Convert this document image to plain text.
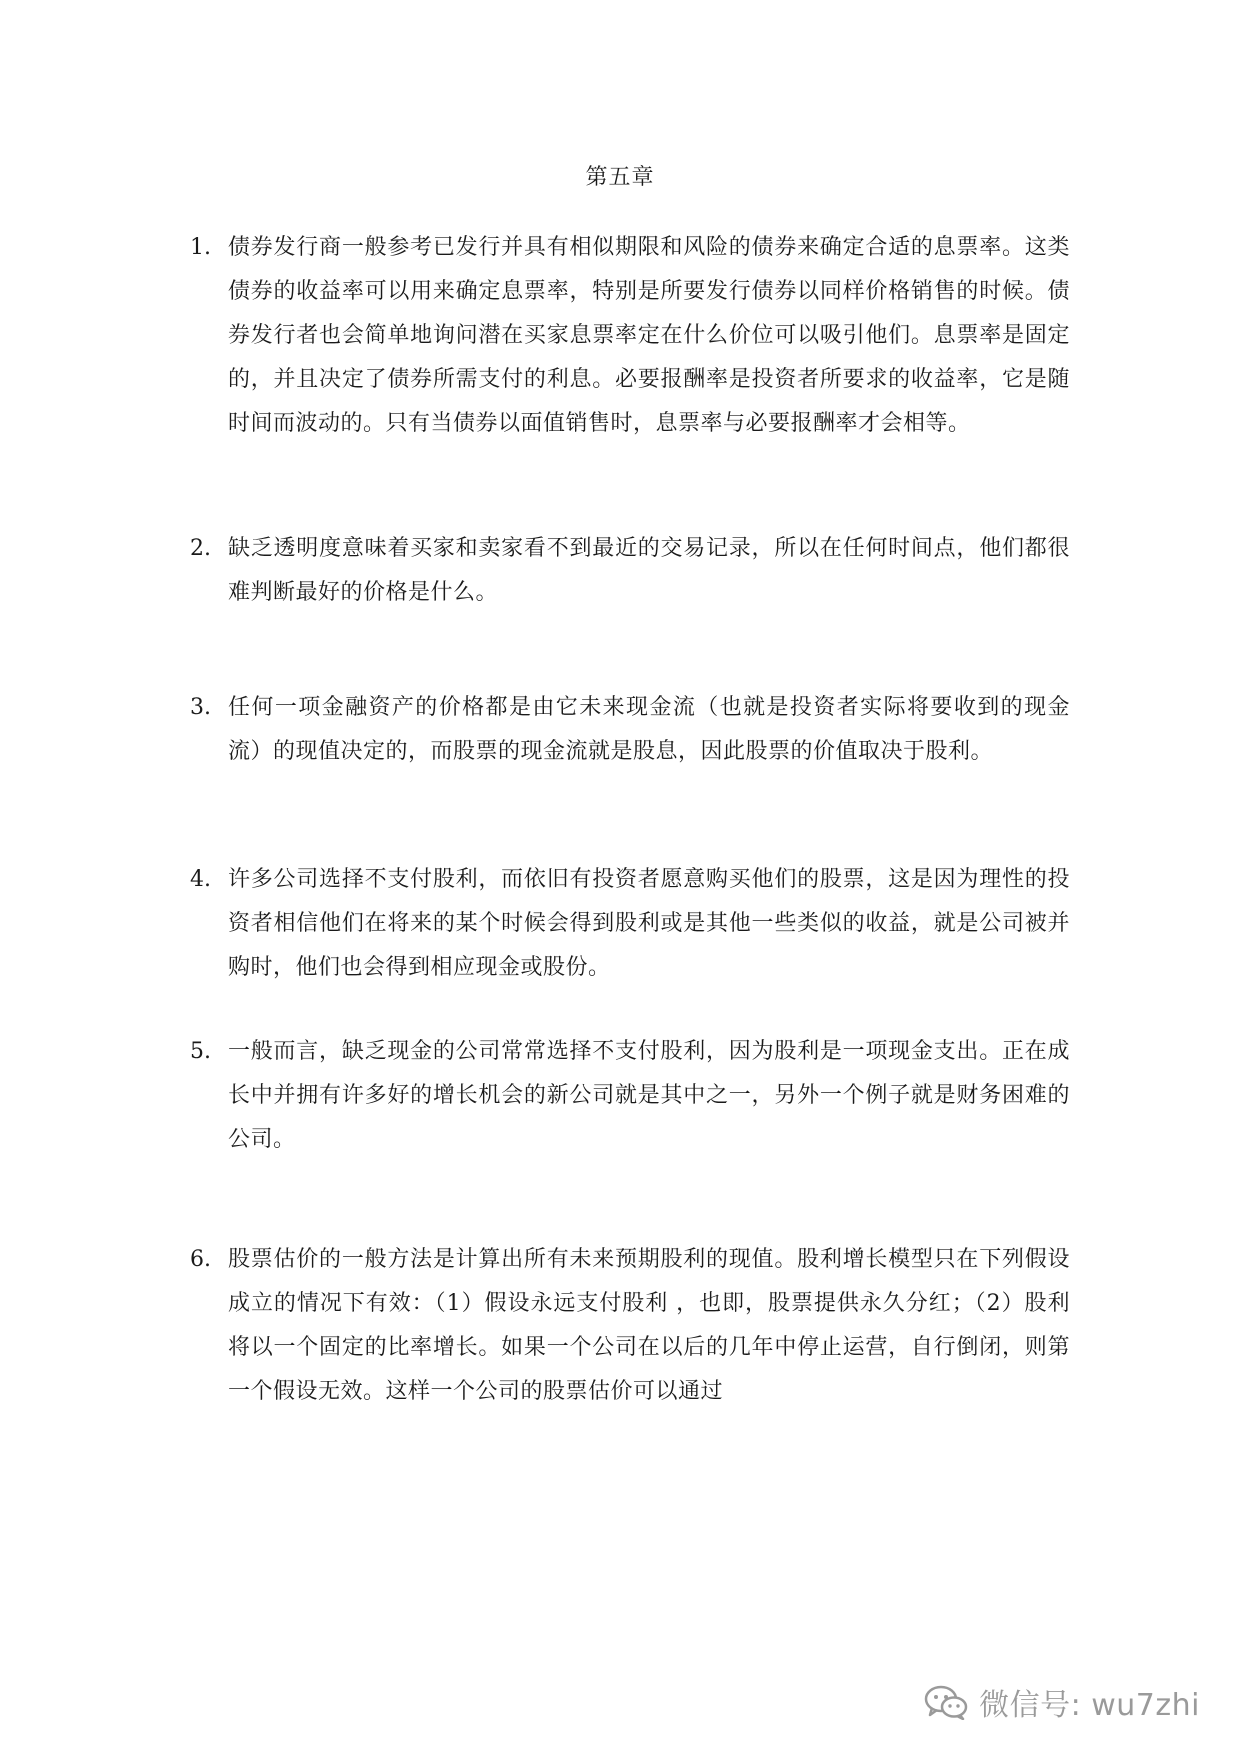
第五章
1. 债券发行商一般参考已发行并具有相似期限和风险的债券来确定合适的息票率。这类债券的收益率可以用来确定息票率，特别是所要发行债券以同样价格销售的时候。债券发行者也会简单地询问潜在买家息票率定在什么价位可以吸引他们。息票率是固定的，并且决定了债券所需支付的利息。必要报酬率是投资者所要求的收益率，它是随时间而波动的。只有当债券以面值销售时，息票率与必要报酬率才会相等。
2. 缺乏透明度意味着买家和卖家看不到最近的交易记录，所以在任何时间点，他们都很难判断最好的价格是什么。
3. 任何一项金融资产的价格都是由它未来现金流（也就是投资者实际将要收到的现金流）的现值决定的，而股票的现金流就是股息，因此股票的价值取决于股利。
4. 许多公司选择不支付股利，而依旧有投资者愿意购买他们的股票，这是因为理性的投资者相信他们在将来的某个时候会得到股利或是其他一些类似的收益，就是公司被并购时，他们也会得到相应现金或股份。
5. 一般而言，缺乏现金的公司常常选择不支付股利，因为股利是一项现金支出。正在成长中并拥有许多好的增长机会的新公司就是其中之一，另外一个例子就是财务困难的公司。
6. 股票估价的一般方法是计算出所有未来预期股利的现值。股利增长模型只在下列假设成立的情况下有效：（1）假设永远支付股利 ，也即，股票提供永久分红；（2）股利将以一个固定的比率增长。如果一个公司在以后的几年中停止运营，自行倒闭，则第一个假设无效。这样一个公司的股票估价可以通过
微信号: wu7zhi
